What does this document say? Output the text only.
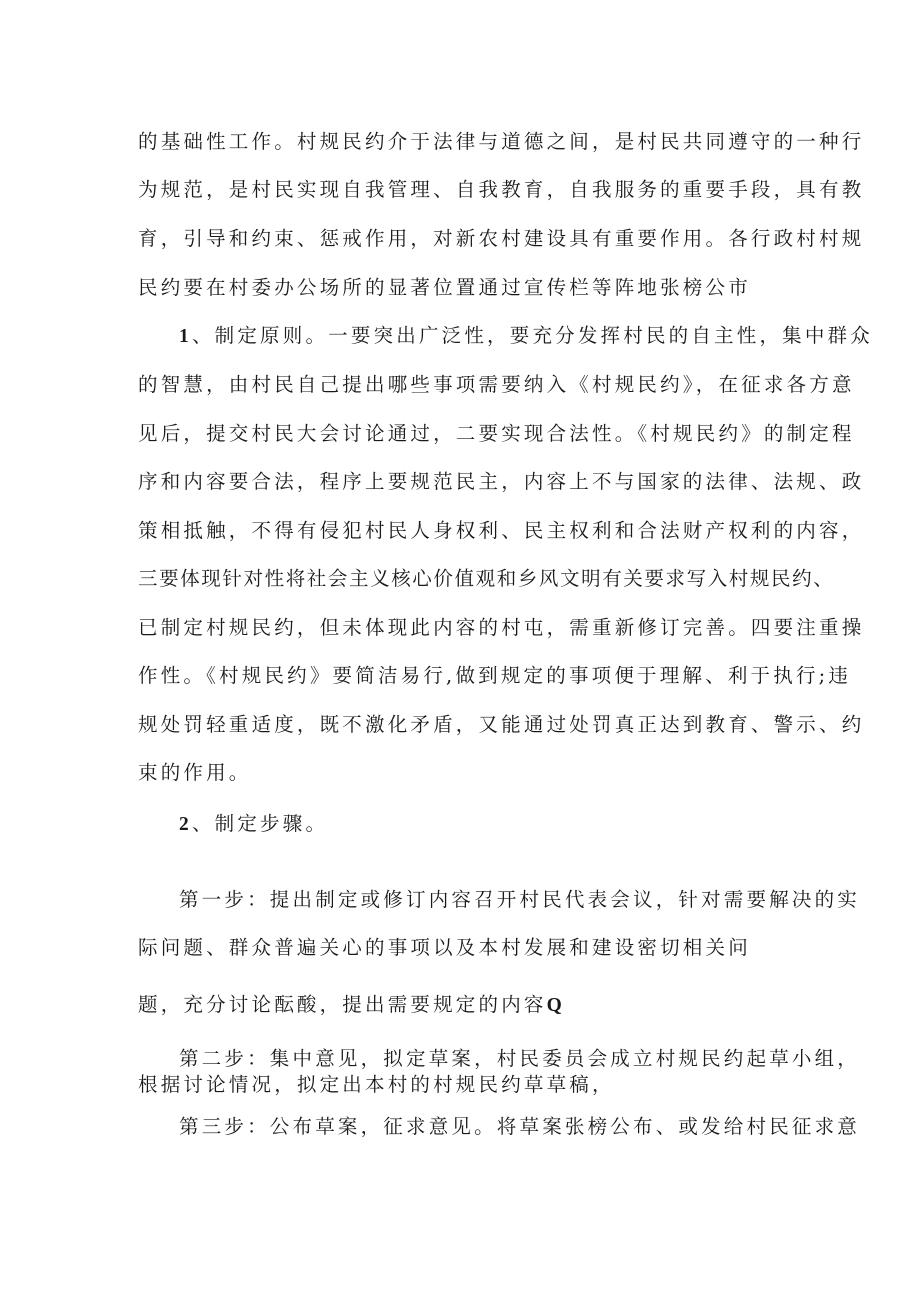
的基础性工作。村规民约介于法律与道德之间，是村民共同遵守的一种行
为规范，是村民实现自我管理、自我教育，自我服务的重要手段，具有教
育，引导和约束、惩戒作用，对新农村建设具有重要作用。各行政村村规
民约要在村委办公场所的显著位置通过宣传栏等阵地张榜公市
1、制定原则。一要突出广泛性，要充分发挥村民的自主性，集中群众
的智慧，由村民自己提出哪些事项需要纳入《村规民约》，在征求各方意
见后，提交村民大会讨论通过，二要实现合法性。《村规民约》的制定程
序和内容要合法，程序上要规范民主，内容上不与国家的法律、法规、政
策相抵触，不得有侵犯村民人身权利、民主权利和合法财产权利的内容，
三要体现针对性将社会主义核心价值观和乡风文明有关要求写入村规民约、
已制定村规民约，但未体现此内容的村屯，需重新修订完善。四要注重操
作性。《村规民约》要简洁易行,做到规定的事项便于理解、利于执行;违
规处罚轻重适度，既不激化矛盾，又能通过处罚真正达到教育、警示、约
束的作用。
2、制定步骤。
第一步：提出制定或修订内容召开村民代表会议，针对需要解决的实
际问题、群众普遍关心的事项以及本村发展和建设密切相关问
题，充分讨论酝酸，提出需要规定的内容Q
第二步：集中意见，拟定草案，村民委员会成立村规民约起草小组，
根据讨论情况，拟定出本村的村规民约草草稿，
第三步：公布草案，征求意见。将草案张榜公布、或发给村民征求意
